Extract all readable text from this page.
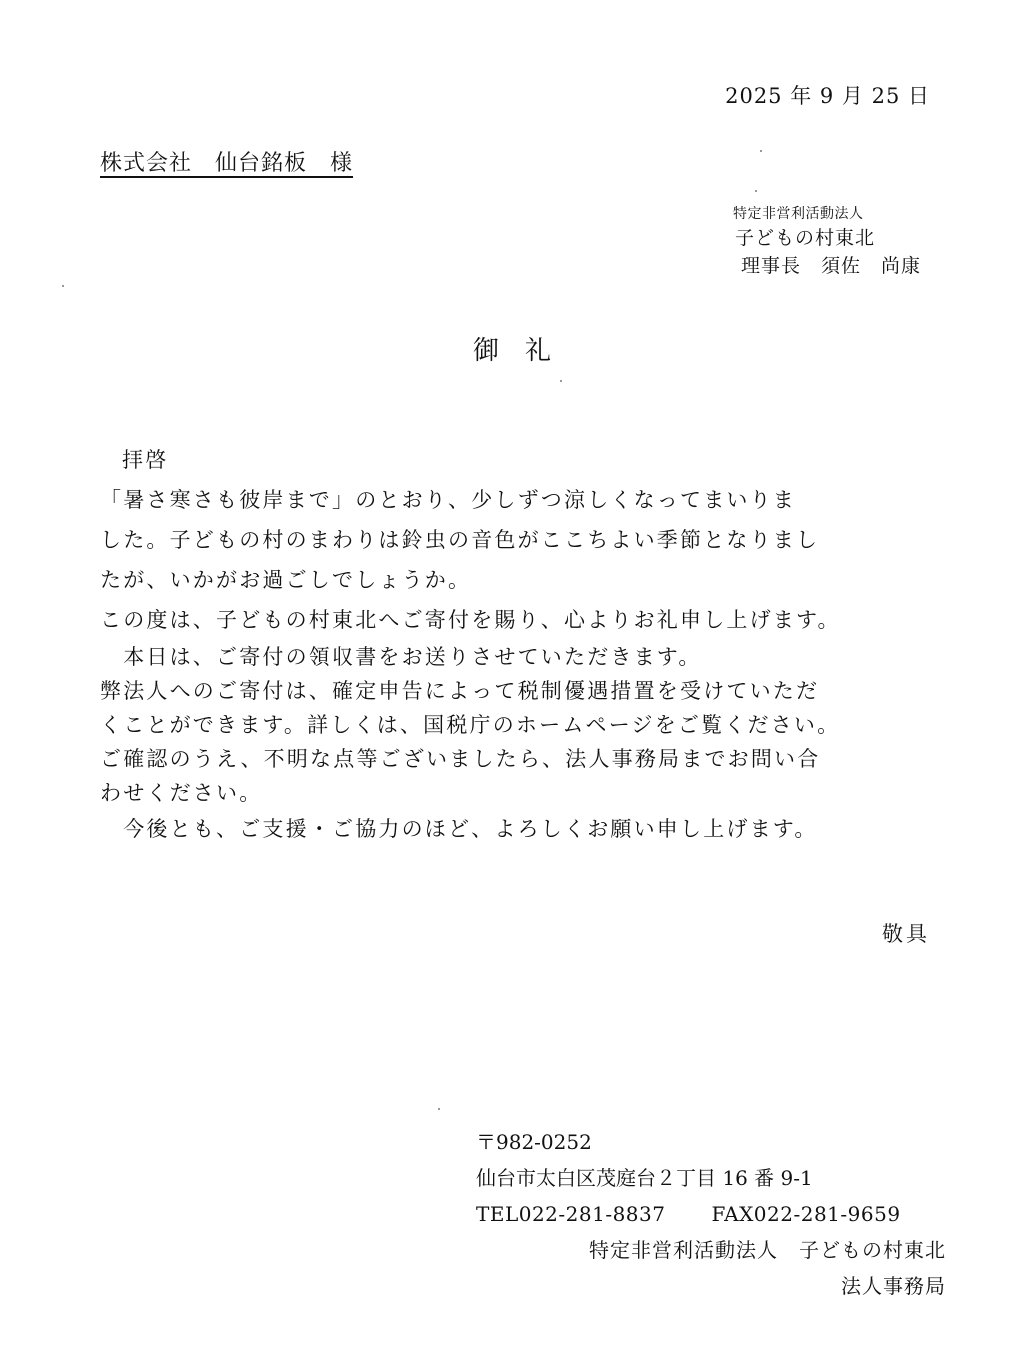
2025 年 9 月 25 日
株式会社　仙台銘板　様
特定非営利活動法人
子どもの村東北
理事長　須佐　尚康
御礼
拝啓
「暑さ寒さも彼岸まで」のとおり、少しずつ涼しくなってまいりま
した。子どもの村のまわりは鈴虫の音色がここちよい季節となりまし
たが、いかがお過ごしでしょうか。
この度は、子どもの村東北へご寄付を賜り、心よりお礼申し上げます。
　本日は、ご寄付の領収書をお送りさせていただきます。
弊法人へのご寄付は、確定申告によって税制優遇措置を受けていただ
くことができます。詳しくは、国税庁のホームページをご覧ください。
ご確認のうえ、不明な点等ございましたら、法人事務局までお問い合
わせください。
　今後とも、ご支援・ご協力のほど、よろしくお願い申し上げます。
敬具
〒982-0252
仙台市太白区茂庭台２丁目 16 番 9-1
TEL022-281-8837 FAX022-281-9659
特定非営利活動法人　子どもの村東北
法人事務局
